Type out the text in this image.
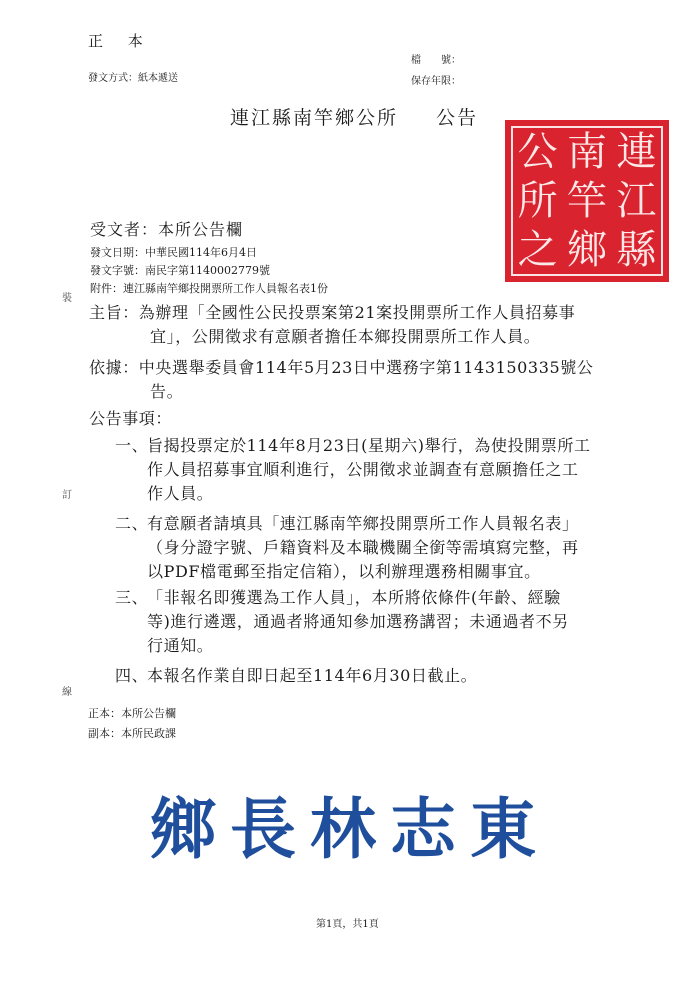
正 本
發文方式：紙本遞送
檔　　號：
保存年限：
連江縣南竿鄉公所 公告
公 南 連
所 竿 江
之 鄉 縣
受文者：本所公告欄
發文日期：中華民國114年6月4日
發文字號：南民字第1140002779號
附件：連江縣南竿鄉投開票所工作人員報名表1份
裝
訂
線
主旨：為辦理「全國性公民投票案第21案投開票所工作人員招募事
宜」，公開徵求有意願者擔任本鄉投開票所工作人員。
依據：中央選舉委員會114年5月23日中選務字第1143150335號公
告。
公告事項：
一、
旨揭投票定於114年8月23日(星期六)舉行，為使投開票所工
作人員招募事宜順利進行，公開徵求並調查有意願擔任之工
作人員。
二、
有意願者請填具「連江縣南竿鄉投開票所工作人員報名表」
（身分證字號、戶籍資料及本職機關全銜等需填寫完整，再
以PDF檔電郵至指定信箱），以利辦理選務相關事宜。
三、
「非報名即獲選為工作人員」，本所將依條件(年齡、經驗
等)進行遴選，通過者將通知參加選務講習；未通過者不另
行通知。
四、
本報名作業自即日起至114年6月30日截止。
正本：本所公告欄
副本：本所民政課
鄉長林志東
第1頁，共1頁
